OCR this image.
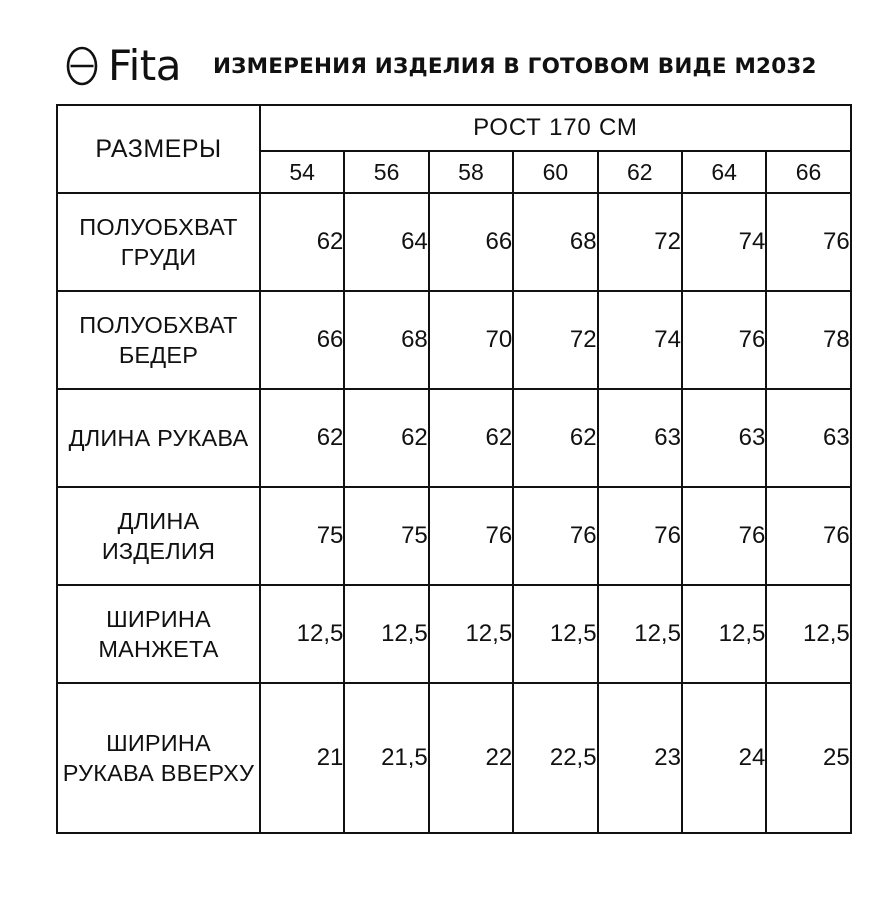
Fita ИЗМЕРЕНИЯ ИЗДЕЛИЯ В ГОТОВОМ ВИДЕ М2032
РАЗМЕРЫ	РОСТ 170 СМ						
	54	56	58	60	62	64	66
ПОЛУОБХВАТ ГРУДИ	62	64	66	68	72	74	76
ПОЛУОБХВАТ БЕДЕР	66	68	70	72	74	76	78
ДЛИНА РУКАВА	62	62	62	62	63	63	63
ДЛИНА ИЗДЕЛИЯ	75	75	76	76	76	76	76
ШИРИНА МАНЖЕТА	12,5	12,5	12,5	12,5	12,5	12,5	12,5
ШИРИНА РУКАВА ВВЕРХУ	21	21,5	22	22,5	23	24	25
